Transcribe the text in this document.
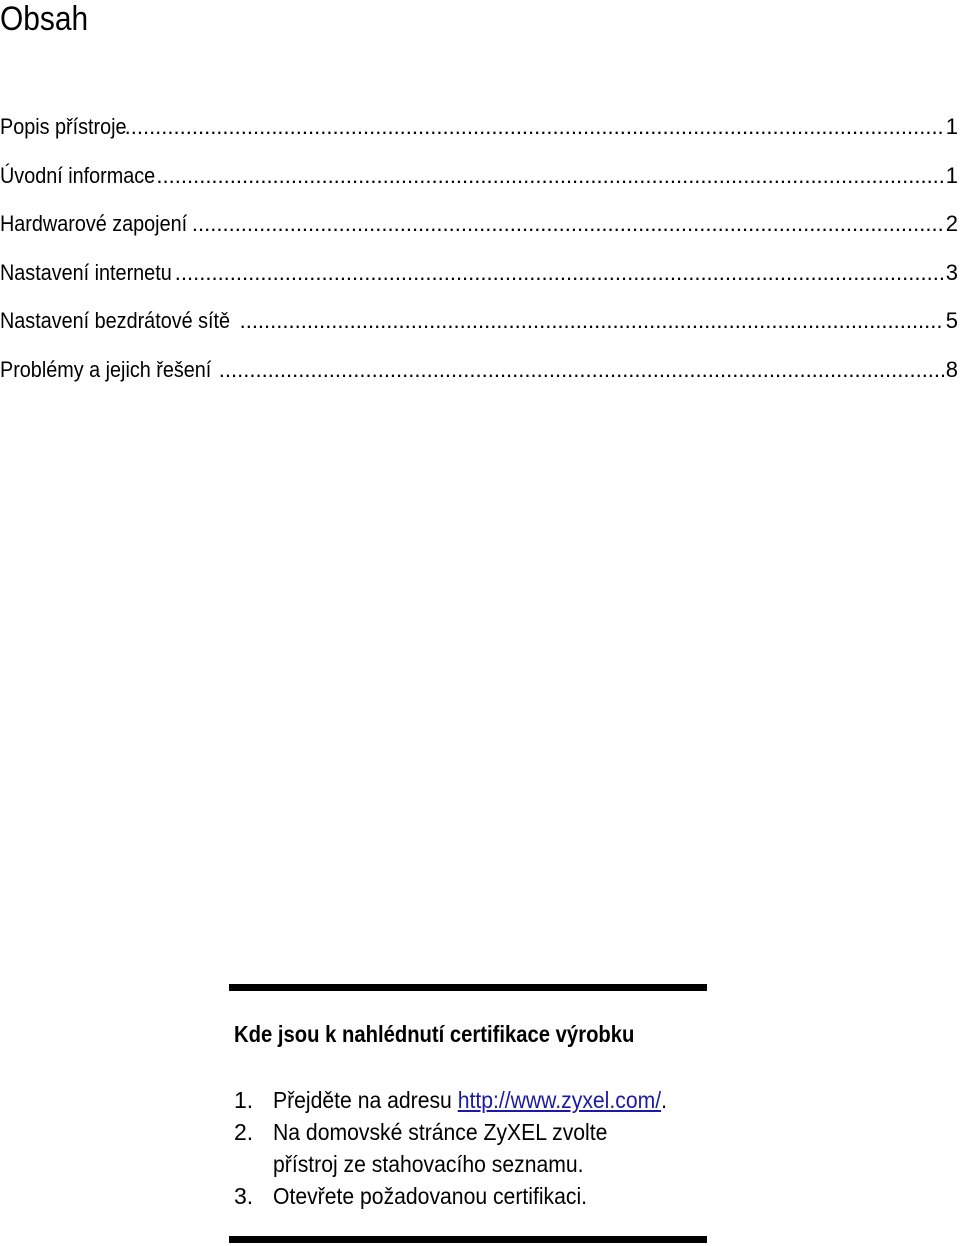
Obsah
Popis přístroje .....	1
Úvodní informace .....	1
Hardwarové zapojení .....	2
Nastavení internetu .....	3
Nastavení bezdrátové sítě .....	5
Problémy a jejich řešení .....	8
Kde jsou k nahlédnutí certifikace výrobku
1. Přejděte na adresu http://www.zyxel.com/.
2. Na domovské stránce ZyXEL zvolte
přístroj ze stahovacího seznamu.
3. Otevřete požadovanou certifikaci.
